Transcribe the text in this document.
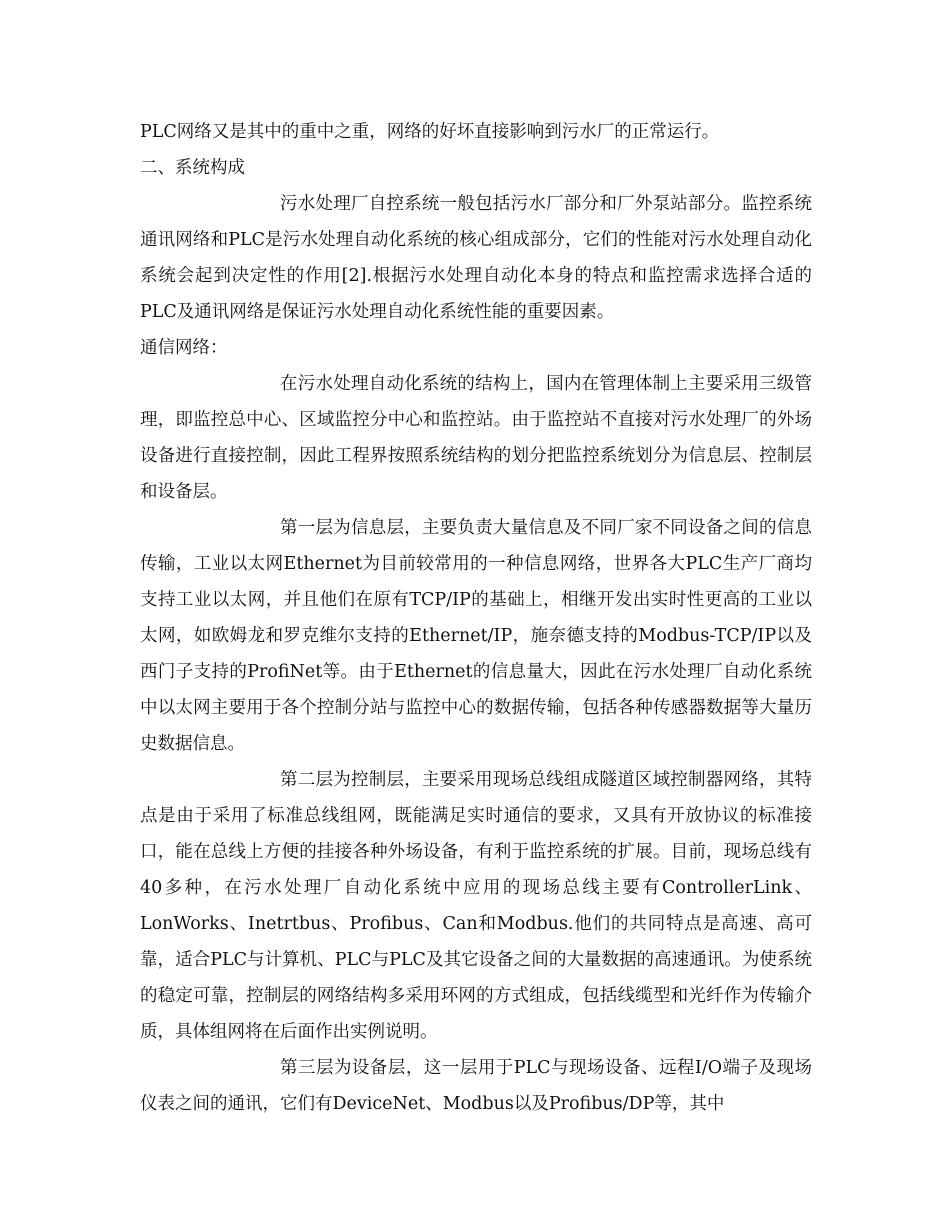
PLC网络又是其中的重中之重，网络的好坏直接影响到污水厂的正常运行。

二、系统构成

污水处理厂自控系统一般包括污水厂部分和厂外泵站部分。监控系统通讯网络和PLC是污水处理自动化系统的核心组成部分，它们的性能对污水处理自动化系统会起到决定性的作用[2].根据污水处理自动化本身的特点和监控需求选择合适的PLC及通讯网络是保证污水处理自动化系统性能的重要因素。

通信网络：

在污水处理自动化系统的结构上，国内在管理体制上主要采用三级管理，即监控总中心、区域监控分中心和监控站。由于监控站不直接对污水处理厂的外场设备进行直接控制，因此工程界按照系统结构的划分把监控系统划分为信息层、控制层和设备层。

第一层为信息层，主要负责大量信息及不同厂家不同设备之间的信息传输，工业以太网Ethernet为目前较常用的一种信息网络，世界各大PLC生产厂商均支持工业以太网，并且他们在原有TCP/IP的基础上，相继开发出实时性更高的工业以太网，如欧姆龙和罗克维尔支持的Ethernet/IP，施奈德支持的Modbus-TCP/IP以及西门子支持的ProfiNet等。由于Ethernet的信息量大，因此在污水处理厂自动化系统中以太网主要用于各个控制分站与监控中心的数据传输，包括各种传感器数据等大量历史数据信息。

第二层为控制层，主要采用现场总线组成隧道区域控制器网络，其特点是由于采用了标准总线组网，既能满足实时通信的要求，又具有开放协议的标准接口，能在总线上方便的挂接各种外场设备，有利于监控系统的扩展。目前，现场总线有40多种，在污水处理厂自动化系统中应用的现场总线主要有ControllerLink、LonWorks、Inetrtbus、Profibus、Can和Modbus.他们的共同特点是高速、高可靠，适合PLC与计算机、PLC与PLC及其它设备之间的大量数据的高速通讯。为使系统的稳定可靠，控制层的网络结构多采用环网的方式组成，包括线缆型和光纤作为传输介质，具体组网将在后面作出实例说明。

第三层为设备层，这一层用于PLC与现场设备、远程I/O端子及现场仪表之间的通讯，它们有DeviceNet、Modbus以及Profibus/DP等，其中
